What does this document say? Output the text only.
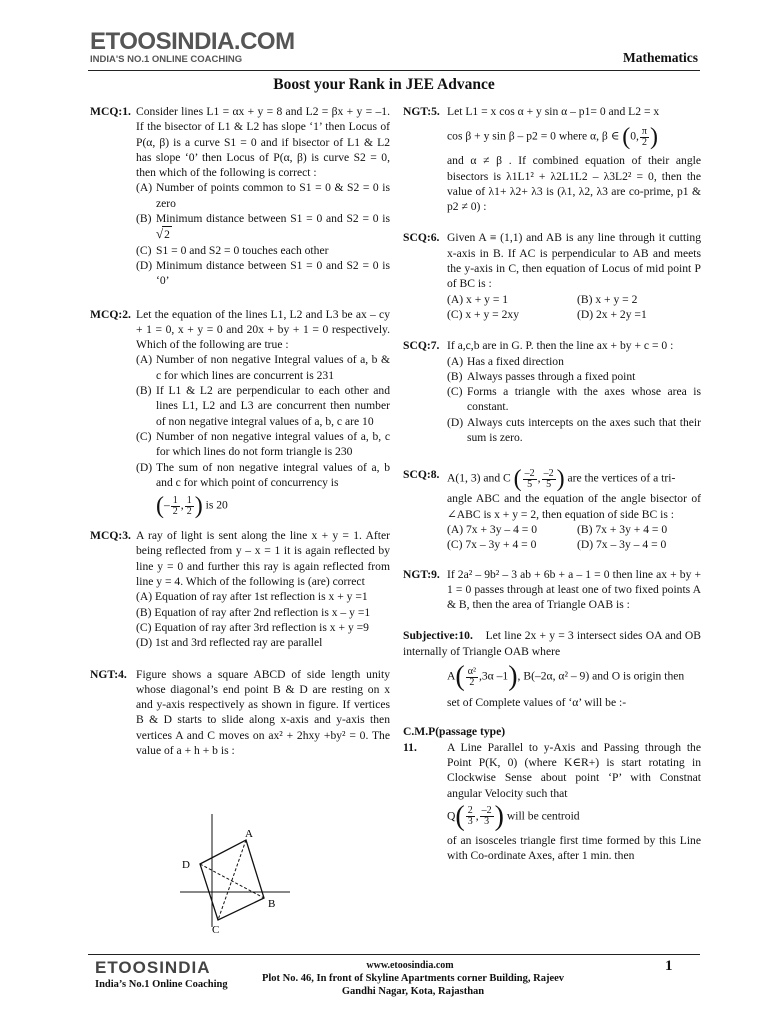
ETOOSINDIA.COM
INDIA'S NO.1 ONLINE COACHING	Mathematics
Boost your Rank in JEE Advance
MCQ:1. Consider lines L1 = αx + y = 8 and L2 = βx + y = –1. If the bisector of L1 & L2 has slope ‘1’ then Locus of P(α, β) is a curve S1 = 0 and if bisector of L1 & L2 has slope ‘0’ then Locus of P(α, β) is curve S2 = 0, then which of the following is correct :
(A) Number of points common to S1 = 0 & S2 = 0 is zero
(B) Minimum distance between S1 = 0 and S2 = 0 is √2
(C) S1 = 0 and S2 = 0 touches each other
(D) Minimum distance between S1 = 0 and S2 = 0 is ‘0’
MCQ:2. Let the equation of the lines L1, L2 and L3 be ax – cy + 1 = 0, x + y = 0 and 20x + by + 1 = 0 respectively. Which of the following are true :
(A) Number of non negative Integral values of a, b & c for which lines are concurrent is 231
(B) If L1 & L2 are perpendicular to each other and lines L1, L2 and L3 are concurrent then number of non negative integral values of a, b, c are 10
(C) Number of non negative integral values of a, b, c for which lines do not form triangle is 230
(D) The sum of non negative integral values of a, b and c for which point of concurrency is
(– $\frac{1}{2}$ , $\frac{1}{2}$ ) is 20
MCQ:3. A ray of light is sent along the line x + y = 1. After being reflected from y – x = 1 it is again reflected by line y = 0 and further this ray is again reflected from line y = 4. Which of the following is (are) correct
(A) Equation of ray after 1st reflection is x + y =1
(B) Equation of ray after 2nd reflection is x – y =1
(C) Equation of ray after 3rd reflection is x + y =9
(D) 1st and 3rd reflected ray are parallel
NGT:4. Figure shows a square ABCD of side length unity whose diagonal’s end point B & D are resting on x and y-axis respectively as shown in figure. If vertices B & D starts to slide along x-axis and y-axis then vertices A and C moves on ax² + 2hxy +by² = 0. The value of a + h + b is :
A
D
B
C
NGT:5. Let L1 = x cos α + y sin α – p1= 0 and L2 = x
cos β + y sin β – p2 = 0 where α, β ∈ (0, $\frac{\pi}{2}$ )
and α ≠ β . If combined equation of their angle bisectors is λ1L1² + λ2L1L2 – λ3L2² = 0, then the value of λ1+ λ2+ λ3 is (λ1, λ2, λ3 are co-prime, p1 & p2 ≠ 0) :
SCQ:6. Given A ≡ (1,1) and AB is any line through it cutting x-axis in B. If AC is perpendicular to AB and meets the y-axis in C, then equation of Locus of mid point P of BC is :
(A) x + y = 1	(B) x + y = 2
(C) x + y = 2xy	(D) 2x + 2y =1
SCQ:7. If a,c,b are in G. P. then the line ax + by + c = 0 :
(A) Has a fixed direction
(B) Always passes through a fixed point
(C) Forms a triangle with the axes whose area is constant.
(D) Always cuts intercepts on the axes such that their sum is zero.
SCQ:8. A(1, 3) and C ( $\frac{-2}{5}$ , $\frac{-2}{5}$ ) are the vertices of a tri-
angle ABC and the equation of the angle bisector of ∠ABC is x + y = 2, then equation of side BC is :
(A) 7x + 3y – 4 = 0	(B) 7x + 3y + 4 = 0
(C) 7x – 3y + 4 = 0	(D) 7x – 3y – 4 = 0
NGT:9. If 2a² – 9b² – 3 ab + 6b + a – 1 = 0 then line ax + by + 1 = 0 passes through at least one of two fixed points A & B, then the area of Triangle OAB is :
Subjective:10. Let line 2x + y = 3 intersect sides OA and OB internally of Triangle OAB where
$A( \frac{\text{α²}}{2} ,3\alpha$ –1), B(–2α, α² – 9) and O is origin then
set of Complete values of ‘α’ will be :-
C.M.P(passage type)
11.	A Line Parallel to y-Axis and Passing through the Point P(K, 0) (where K∈R+) is start rotating in Clockwise Sense about point ‘P’ with Constnat angular Velocity such that
$Q( \frac{2}{3}$ , $\frac{-2}{3}$ ) will be centroid
of an isosceles triangle first time formed by this Line with Co-ordinate Axes, after 1 min. then
ETOOSINDIA
India’s No.1 Online Coaching
www.etoosindia.com
Plot No. 46, In front of Skyline Apartments corner Building, Rajeev Gandhi Nagar, Kota, Rajasthan
1
